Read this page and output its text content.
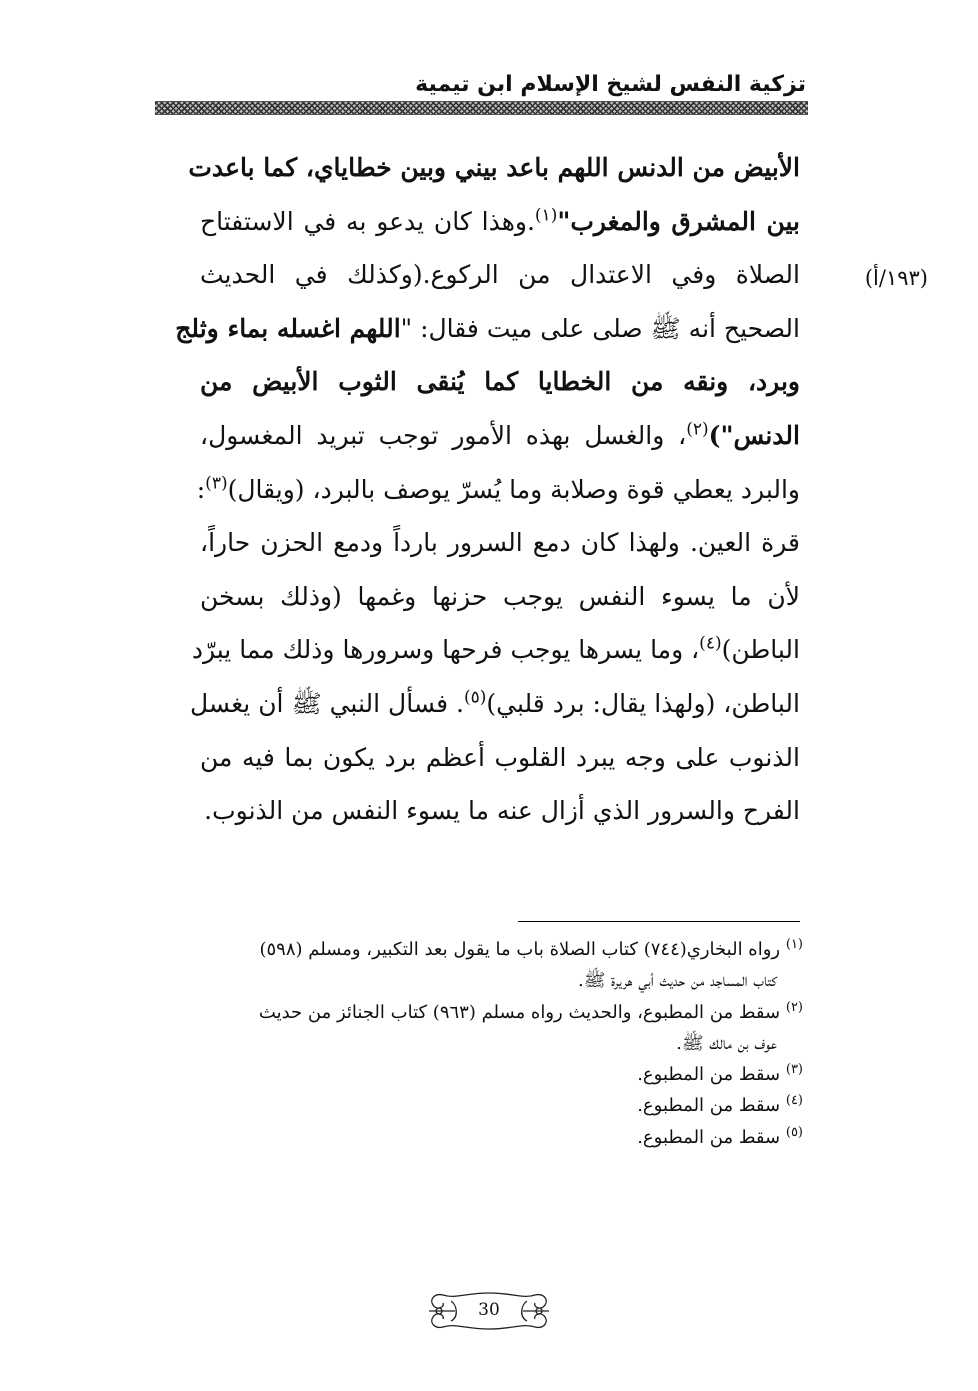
تزكية النفس لشيخ الإسلام ابن تيمية
(١٩٣/أ)
الأبيض من الدنس اللهم باعد بيني وبين خطاياي، كما باعدت
بين المشرق والمغرب"$^{(١)}$.وهذا كان يدعو به في الاستفتاح
الصلاة وفي الاعتدال من الركوع.(وكذلك في الحديث
الصحيح أنه ﷺ صلى على ميت فقال: "اللهم اغسله بماء وثلج
وبرد، ونقه من الخطايا كما يُنقى الثوب الأبيض من
الدنس")$^{(٢)}$، والغسل بهذه الأمور توجب تبريد المغسول،
والبرد يعطي قوة وصلابة وما يُسرّ يوصف بالبرد، (ويقال)$^{(٣)}$:
قرة العين. ولهذا كان دمع السرور بارداً ودمع الحزن حاراً،
لأن ما يسوء النفس يوجب حزنها وغمها (وذلك بسخن
الباطن)$^{(٤)}$، وما يسرها يوجب فرحها وسرورها وذلك مما يبرّد
الباطن، (ولهذا يقال: برد قلبي)$^{(٥)}$. فسأل النبي ﷺ أن يغسل
الذنوب على وجه يبرد القلوب أعظم برد يكون بما فيه من
الفرح والسرور الذي أزال عنه ما يسوء النفس من الذنوب.
$^{(١)}$ رواه البخاري(٧٤٤) كتاب الصلاة باب ما يقول بعد التكبير، ومسلم (٥٩٨)
كتاب المساجد من حديث أبي هريرة ﷺ.
$^{(٢)}$ سقط من المطبوع، والحديث رواه مسلم (٩٦٣) كتاب الجنائز من حديث
عوف بن مالك ﷺ.
$^{(٣)}$ سقط من المطبوع.
$^{(٤)}$ سقط من المطبوع.
$^{(٥)}$ سقط من المطبوع.
30
